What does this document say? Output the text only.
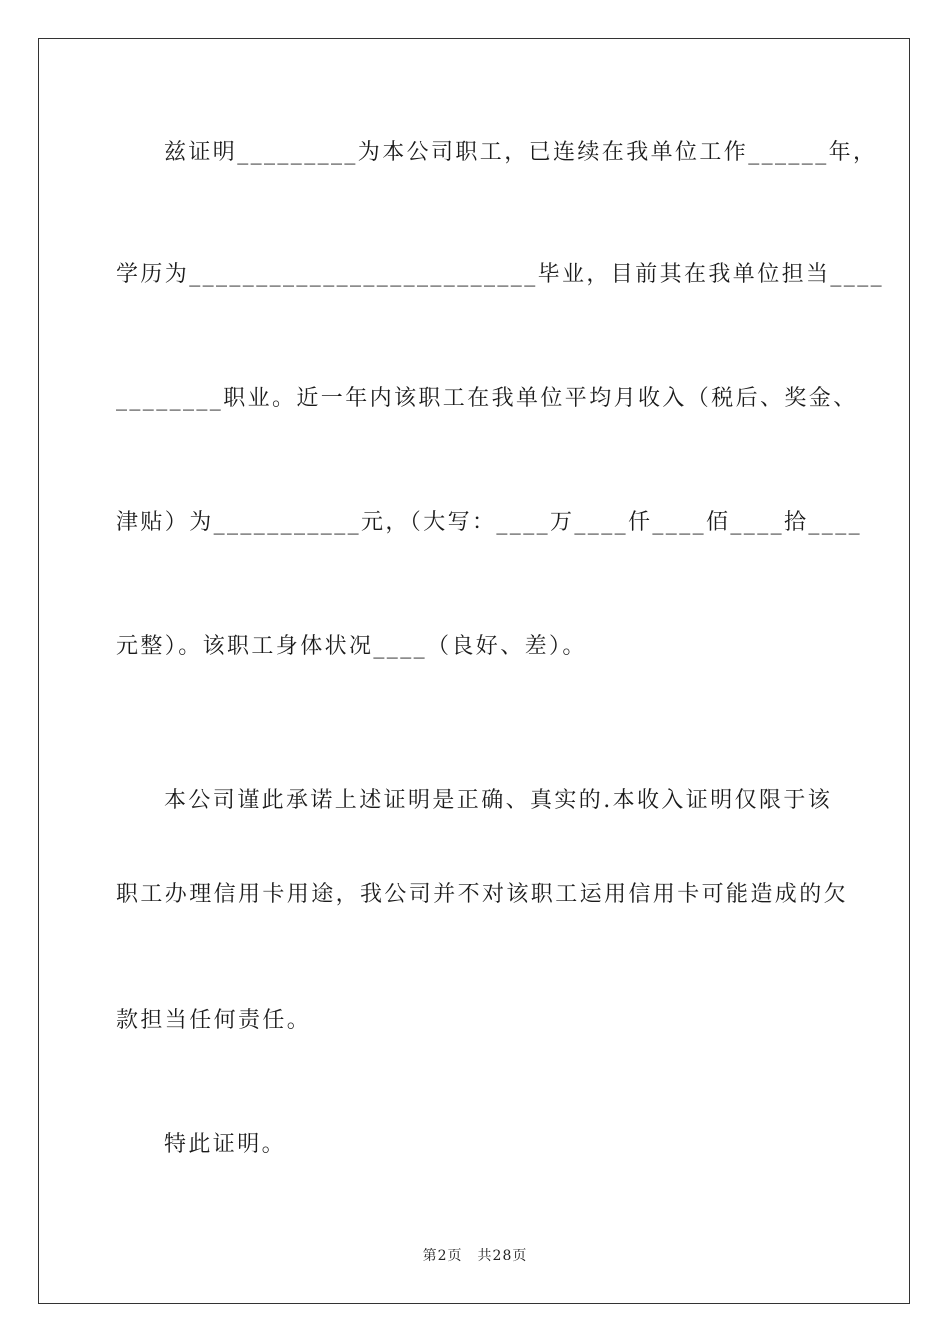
兹证明_________为本公司职工，已连续在我单位工作______年，
学历为__________________________毕业，目前其在我单位担当____
________职业。近一年内该职工在我单位平均月收入（税后、奖金、
津贴）为___________元，（大写：____万____仟____佰____拾____
元整）。该职工身体状况____（良好、差）。
本公司谨此承诺上述证明是正确、真实的.本收入证明仅限于该
职工办理信用卡用途，我公司并不对该职工运用信用卡可能造成的欠
款担当任何责任。
特此证明。
第2页　共28页
